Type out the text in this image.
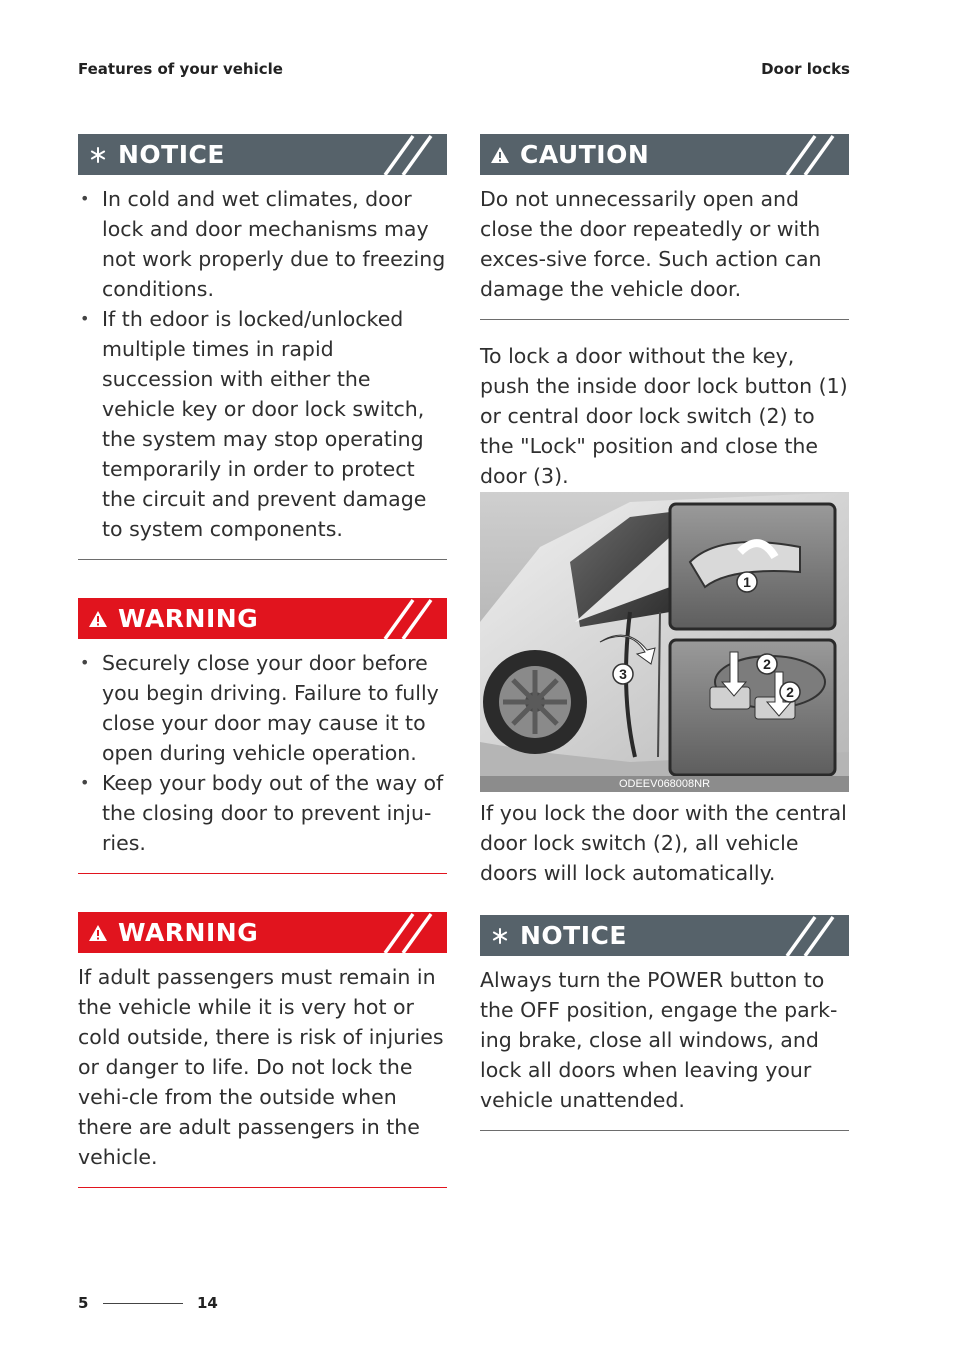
Features of your vehicle	Door locks
NOTICE
• In cold and wet climates, door lock and door mechanisms may not work properly due to freezing conditions.
• If th edoor is locked/unlocked multiple times in rapid succession with either the vehicle key or door lock switch, the system may stop operating temporarily in order to protect the circuit and prevent damage to system components.
WARNING
• Securely close your door before you begin driving. Failure to fully close your door may cause it to open during vehicle operation.
• Keep your body out of the way of the closing door to prevent inju-ries.
WARNING
If adult passengers must remain in the vehicle while it is very hot or cold outside, there is risk of injuries or danger to life. Do not lock the vehi-cle from the outside when there are adult passengers in the vehicle.
CAUTION
Do not unnecessarily open and close the door repeatedly or with exces-sive force. Such action can damage the vehicle door.
To lock a door without the key, push the inside door lock button (1) or central door lock switch (2) to the "Lock" position and close the door (3).
1
2
2
3
ODEEV068008NR
If you lock the door with the central door lock switch (2), all vehicle doors will lock automatically.
NOTICE
Always turn the POWER button to the OFF position, engage the park-ing brake, close all windows, and lock all doors when leaving your vehicle unattended.
5	14
